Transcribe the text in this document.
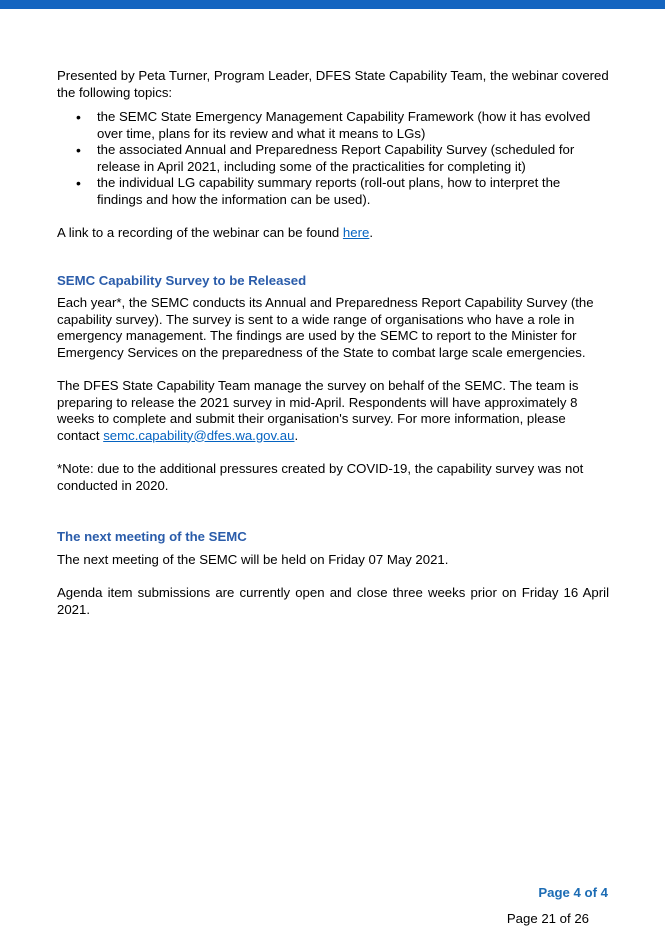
Presented by Peta Turner, Program Leader, DFES State Capability Team, the webinar covered the following topics:

• the SEMC State Emergency Management Capability Framework (how it has evolved over time, plans for its review and what it means to LGs)
• the associated Annual and Preparedness Report Capability Survey (scheduled for release in April 2021, including some of the practicalities for completing it)
• the individual LG capability summary reports (roll-out plans, how to interpret the findings and how the information can be used).

A link to a recording of the webinar can be found here.

SEMC Capability Survey to be Released

Each year*, the SEMC conducts its Annual and Preparedness Report Capability Survey (the capability survey). The survey is sent to a wide range of organisations who have a role in emergency management. The findings are used by the SEMC to report to the Minister for Emergency Services on the preparedness of the State to combat large scale emergencies.

The DFES State Capability Team manage the survey on behalf of the SEMC. The team is preparing to release the 2021 survey in mid-April. Respondents will have approximately 8 weeks to complete and submit their organisation's survey. For more information, please contact semc.capability@dfes.wa.gov.au.

*Note: due to the additional pressures created by COVID-19, the capability survey was not conducted in 2020.

The next meeting of the SEMC

The next meeting of the SEMC will be held on Friday 07 May 2021.

Agenda item submissions are currently open and close three weeks prior on Friday 16 April 2021.

Page 4 of 4
Page 21 of 26
